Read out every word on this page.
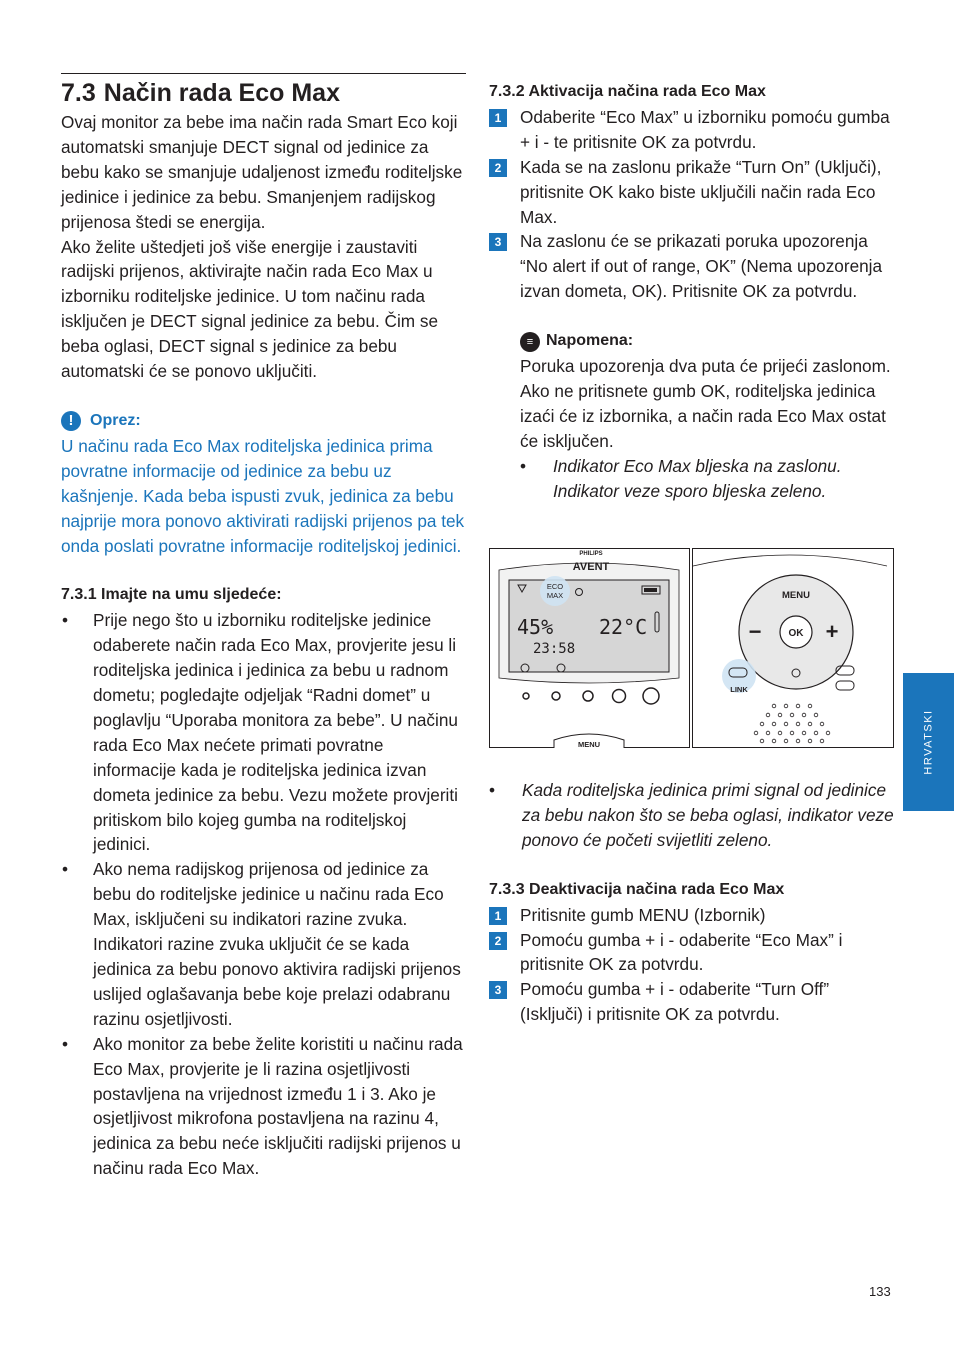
7.3 Način rada Eco Max

Ovaj monitor za bebe ima način rada Smart Eco koji automatski smanjuje DECT signal od jedinice za bebu kako se smanjuje udaljenost između roditeljske jedinice i jedinice za bebu. Smanjenjem radijskog prijenosa štedi se energija.

Ako želite uštedjeti još više energije i zaustaviti radijski prijenos, aktivirajte način rada Eco Max u izborniku roditeljske jedinice. U tom načinu rada isključen je DECT signal jedinice za bebu. Čim se beba oglasi, DECT signal s jedinice za bebu automatski će se ponovo uključiti.

!	Oprez:

U načinu rada Eco Max roditeljska jedinica prima povratne informacije od jedinice za bebu uz kašnjenje. Kada beba ispusti zvuk, jedinica za bebu najprije mora ponovo aktivirati radijski prijenos pa tek onda poslati povratne informacije roditeljskoj jedinici.

7.3.1 Imajte na umu sljedeće:
• Prije nego što u izborniku roditeljske jedinice odaberete način rada Eco Max, provjerite jesu li roditeljska jedinica i jedinica za bebu u radnom dometu; pogledajte odjeljak “Radni domet” u poglavlju “Uporaba monitora za bebe”. U načinu rada Eco Max nećete primati povratne informacije kada je roditeljska jedinica izvan dometa jedinice za bebu. Vezu možete provjeriti pritiskom bilo kojeg gumba na roditeljskoj jedinici.
• Ako nema radijskog prijenosa od jedinice za bebu do roditeljske jedinice u načinu rada Eco Max, isključeni su indikatori razine zvuka. Indikatori razine zvuka uključit će se kada jedinica za bebu ponovo aktivira radijski prijenos uslijed oglašavanja bebe koje prelazi odabranu razinu osjetljivosti.
• Ako monitor za bebe želite koristiti u načinu rada Eco Max, provjerite je li razina osjetljivosti postavljena na vrijednost između 1 i 3. Ako je osjetljivost mikrofona postavljena na razinu 4, jedinica za bebu neće isključiti radijski prijenos u načinu rada Eco Max.
7.3.2 Aktivacija načina rada Eco Max
1	Odaberite “Eco Max” u izborniku pomoću gumba + i - te pritisnite OK za potvrdu.
2	Kada se na zaslonu prikaže “Turn On” (Uključi), pritisnite OK kako biste uključili način rada Eco Max.
3	Na zaslonu će se prikazati poruka upozorenja “No alert if out of range, OK” (Nema upozorenja izvan dometa, OK). Pritisnite OK za potvrdu.
≡ Napomena:

Poruka upozorenja dva puta će prijeći zaslonom. Ako ne pritisnete gumb OK, roditeljska jedinica izaći će iz izbornika, a način rada Eco Max ostat će isključen.

• Indikator Eco Max bljeska na zaslonu. Indikator veze sporo bljeska zeleno.
PHILIPS
AVENT
ECO
MAX
45% 22°C
23:58
MENU
MENU
−	OK +
LINK
• Kada roditeljska jedinica primi signal od jedinice za bebu nakon što se beba oglasi, indikator veze ponovo će početi svijetliti zeleno.
7.3.3 Deaktivacija načina rada Eco Max
1	Pritisnite gumb MENU (Izbornik)
2	Pomoću gumba + i - odaberite “Eco Max” i pritisnite OK za potvrdu.
3	Pomoću gumba + i - odaberite “Turn Off” (Isključi) i pritisnite OK za potvrdu.
HRVATSKI
133
